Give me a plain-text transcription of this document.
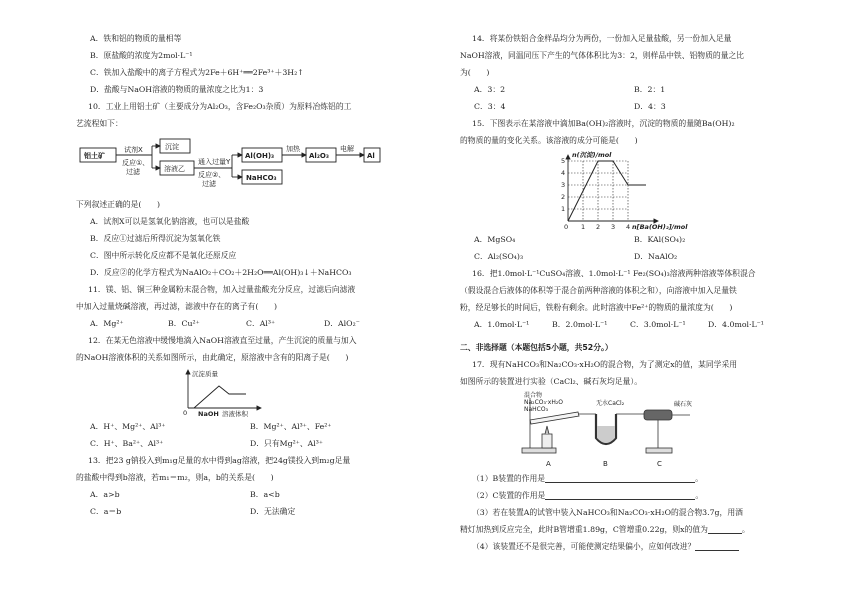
A．铁和铝的物质的量相等
B．原盐酸的浓度为2mol·L⁻¹
C．铁加入盐酸中的离子方程式为2Fe＋6H⁺══2Fe³⁺＋3H₂↑
D．盐酸与NaOH溶液的物质的量浓度之比为1：3
10．工业上用铝土矿（主要成分为Al₂O₃，含Fe₂O₃杂质）为原料冶炼铝的工
艺流程如下：
铝土矿
试剂X
反应①、
过滤
沉淀
溶液乙
通入过量Y
反应②、
过滤
Al(OH)₃
加热
Al₂O₃
电解
Al
NaHCO₃
下列叙述正确的是(　　)
A．试剂X可以是氢氧化钠溶液，也可以是盐酸
B．反应①过滤后所得沉淀为氢氧化铁
C．图中所示转化反应都不是氧化还原反应
D．反应②的化学方程式为NaAlO₂＋CO₂＋2H₂O══Al(OH)₃↓＋NaHCO₃
11．镁、铝、铜三种金属粉末混合物，加入过量盐酸充分反应，过滤后向滤液
中加入过量烧碱溶液，再过滤，滤液中存在的离子有(　　)
A．Mg²⁺	B．Cu²⁺	C．Al³⁺	D．AlO₂⁻
12．在某无色溶液中缓慢地滴入NaOH溶液直至过量，产生沉淀的质量与加入
的NaOH溶液体积的关系如图所示，由此确定，原溶液中含有的阳离子是(　　)
沉淀质量
0 NaOH 溶液体积
A．H⁺、Mg²⁺、Al³⁺	B．Mg²⁺、Al³⁺、Fe²⁺
C．H⁺、Ba²⁺、Al³⁺	D．只有Mg²⁺、Al³⁺
13．把23 g钠投入到m₁g足量的水中得到ag溶液，把24g镁投入到m₂g足量
的盐酸中得到b溶液，若m₁＝m₂，则a，b的关系是(　　)
A．a>b	B．a<b
C．a＝b	D．无法确定
14．将某份铁铝合金样品均分为两份，一份加入足量盐酸，另一份加入足量
NaOH溶液，同温同压下产生的气体体积比为3：2，则样品中铁、铝物质的量之比
为(　　)
A．3：2	B．2：1
C．3：4	D．4：3
15．下图表示在某溶液中滴加Ba(OH)₂溶液时，沉淀的物质的量随Ba(OH)₂
的物质的量的变化关系。该溶液的成分可能是(　　)
n(沉淀)/mol
5
4
3
2
1
0 1 2 3 4 n[Ba(OH)₂]/mol
A．MgSO₄	B．KAl(SO₄)₂
C．Al₂(SO₄)₃	D．NaAlO₂
16．把1.0mol·L⁻¹CuSO₄溶液、1.0mol·L⁻¹ Fe₂(SO₄)₃溶液两种溶液等体积混合
（假设混合后液体的体积等于混合前两种溶液的体积之和），向溶液中加入足量铁
粉，经足够长的时间后，铁粉有剩余。此时溶液中Fe²⁺的物质的量浓度为(　　)
A．1.0mol·L⁻¹	B．2.0mol·L⁻¹	C．3.0mol·L⁻¹	D．4.0mol·L⁻¹
二、非选择题（本题包括5小题，共52分。）
17．现有NaHCO₃和Na₂CO₃·xH₂O的混合物，为了测定x的值，某同学采用
如图所示的装置进行实验（CaCl₂、碱石灰均足量）。
混合物
Na₂CO₃·xH₂O
NaHCO₃
无水CaCl₂	碱石灰
A	B	C
（1）B装置的作用是	。
（2）C装置的作用是	。
（3）若在装置A的试管中装入NaHCO₃和Na₂CO₃·xH₂O的混合物3.7g，用酒
精灯加热到反应完全，此时B管增重1.89g，C管增重0.22g，则x的值为	。
（4）该装置还不是很完善，可能使测定结果偏小，应如何改进？
